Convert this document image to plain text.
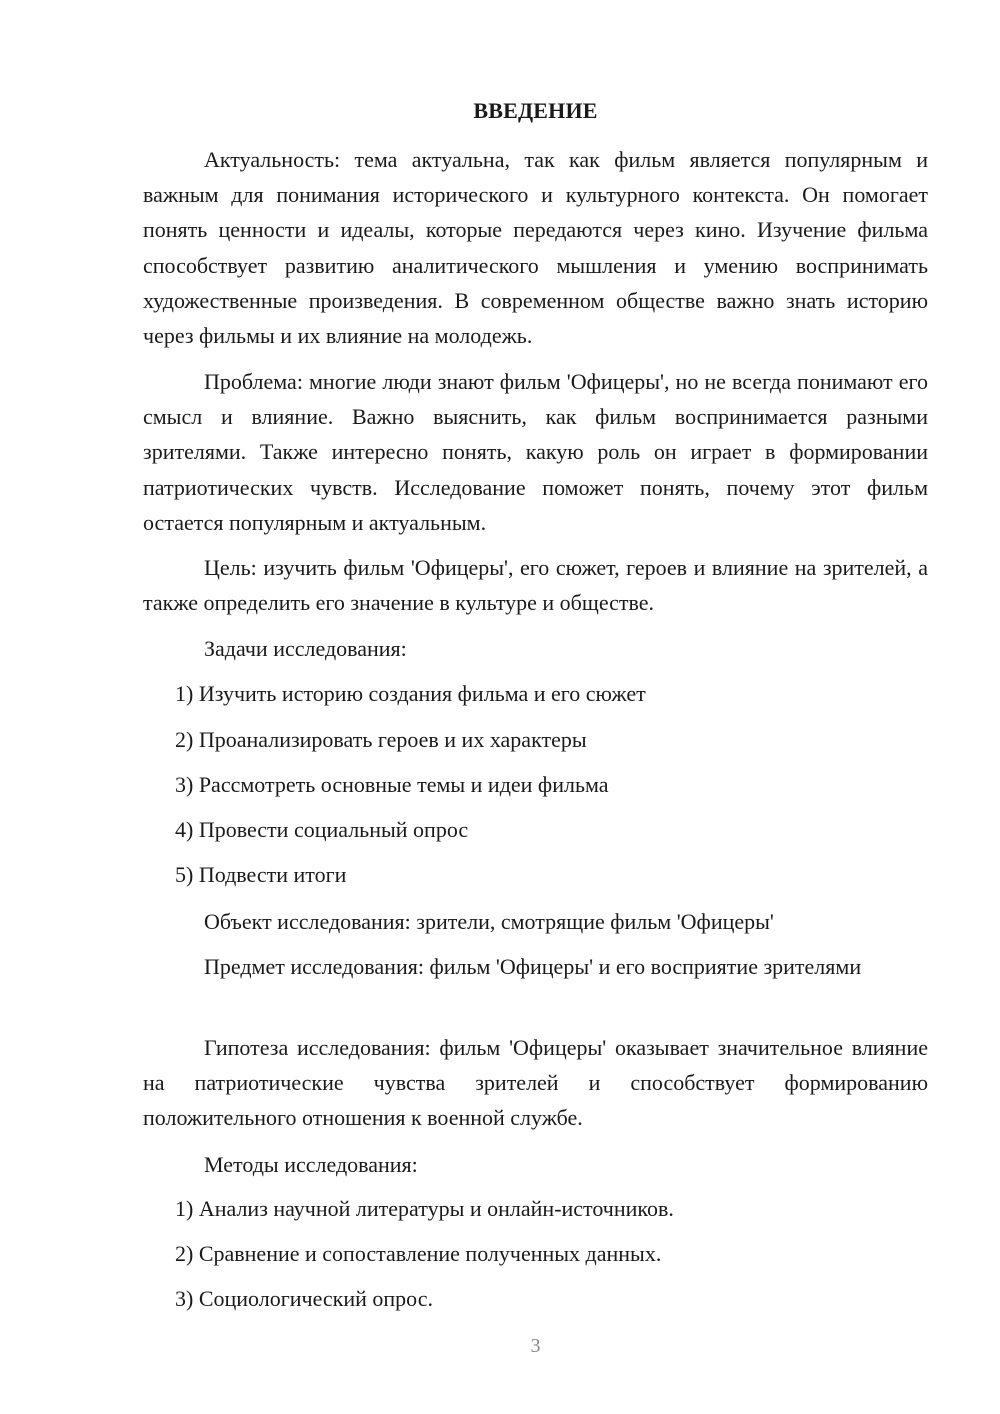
ВВЕДЕНИЕ

Актуальность: тема актуальна, так как фильм является популярным и важным для понимания исторического и культурного контекста. Он помогает понять ценности и идеалы, которые передаются через кино. Изучение фильма способствует развитию аналитического мышления и умению воспринимать художественные произведения. В современном обществе важно знать историю через фильмы и их влияние на молодежь.

Проблема: многие люди знают фильм 'Офицеры', но не всегда понимают его смысл и влияние. Важно выяснить, как фильм воспринимается разными зрителями. Также интересно понять, какую роль он играет в формировании патриотических чувств. Исследование поможет понять, почему этот фильм остается популярным и актуальным.

Цель: изучить фильм 'Офицеры', его сюжет, героев и влияние на зрителей, а также определить его значение в культуре и обществе.

Задачи исследования:

1) Изучить историю создания фильма и его сюжет

2) Проанализировать героев и их характеры

3) Рассмотреть основные темы и идеи фильма

4) Провести социальный опрос

5) Подвести итоги

Объект исследования: зрители, смотрящие фильм 'Офицеры'

Предмет исследования: фильм 'Офицеры' и его восприятие зрителями

Гипотеза исследования: фильм 'Офицеры' оказывает значительное влияние на патриотические чувства зрителей и способствует формированию положительного отношения к военной службе.

Методы исследования:

1) Анализ научной литературы и онлайн-источников.

2) Сравнение и сопоставление полученных данных.

3) Социологический опрос.

3
